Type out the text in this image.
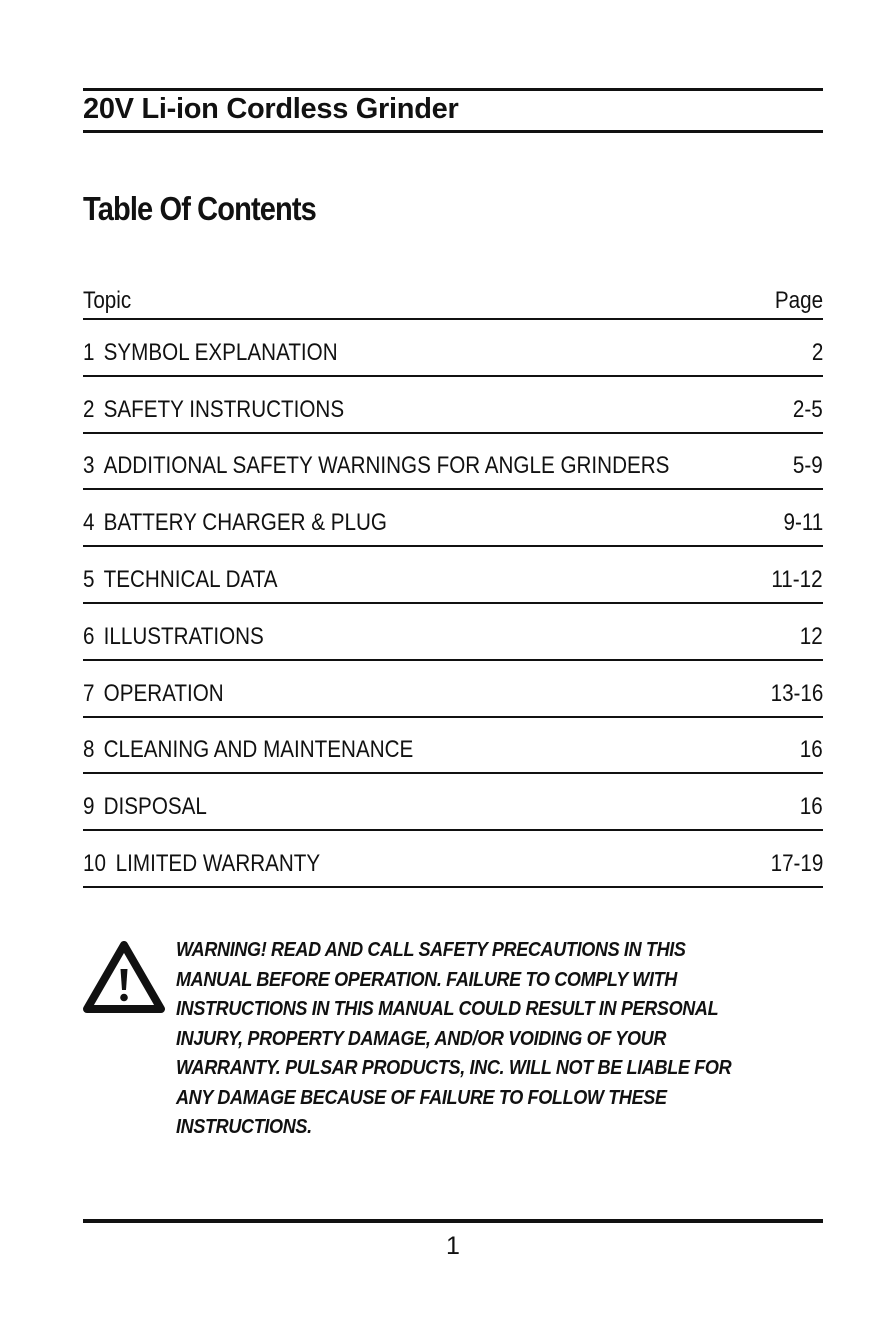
20V Li-ion Cordless Grinder
Table Of Contents
Topic	Page
1 SYMBOL EXPLANATION	2
2 SAFETY INSTRUCTIONS	2-5
3 ADDITIONAL SAFETY WARNINGS FOR ANGLE GRINDERS	5-9
4 BATTERY CHARGER & PLUG	9-11
5 TECHNICAL DATA	11-12
6 ILLUSTRATIONS	12
7 OPERATION	13-16
8 CLEANING AND MAINTENANCE	16
9 DISPOSAL	16
10 LIMITED WARRANTY	17-19
WARNING! READ AND CALL SAFETY PRECAUTIONS IN THIS
MANUAL BEFORE OPERATION. FAILURE TO COMPLY WITH
INSTRUCTIONS IN THIS MANUAL COULD RESULT IN PERSONAL
INJURY, PROPERTY DAMAGE, AND/OR VOIDING OF YOUR
WARRANTY. PULSAR PRODUCTS, INC. WILL NOT BE LIABLE FOR
ANY DAMAGE BECAUSE OF FAILURE TO FOLLOW THESE
INSTRUCTIONS.
1
